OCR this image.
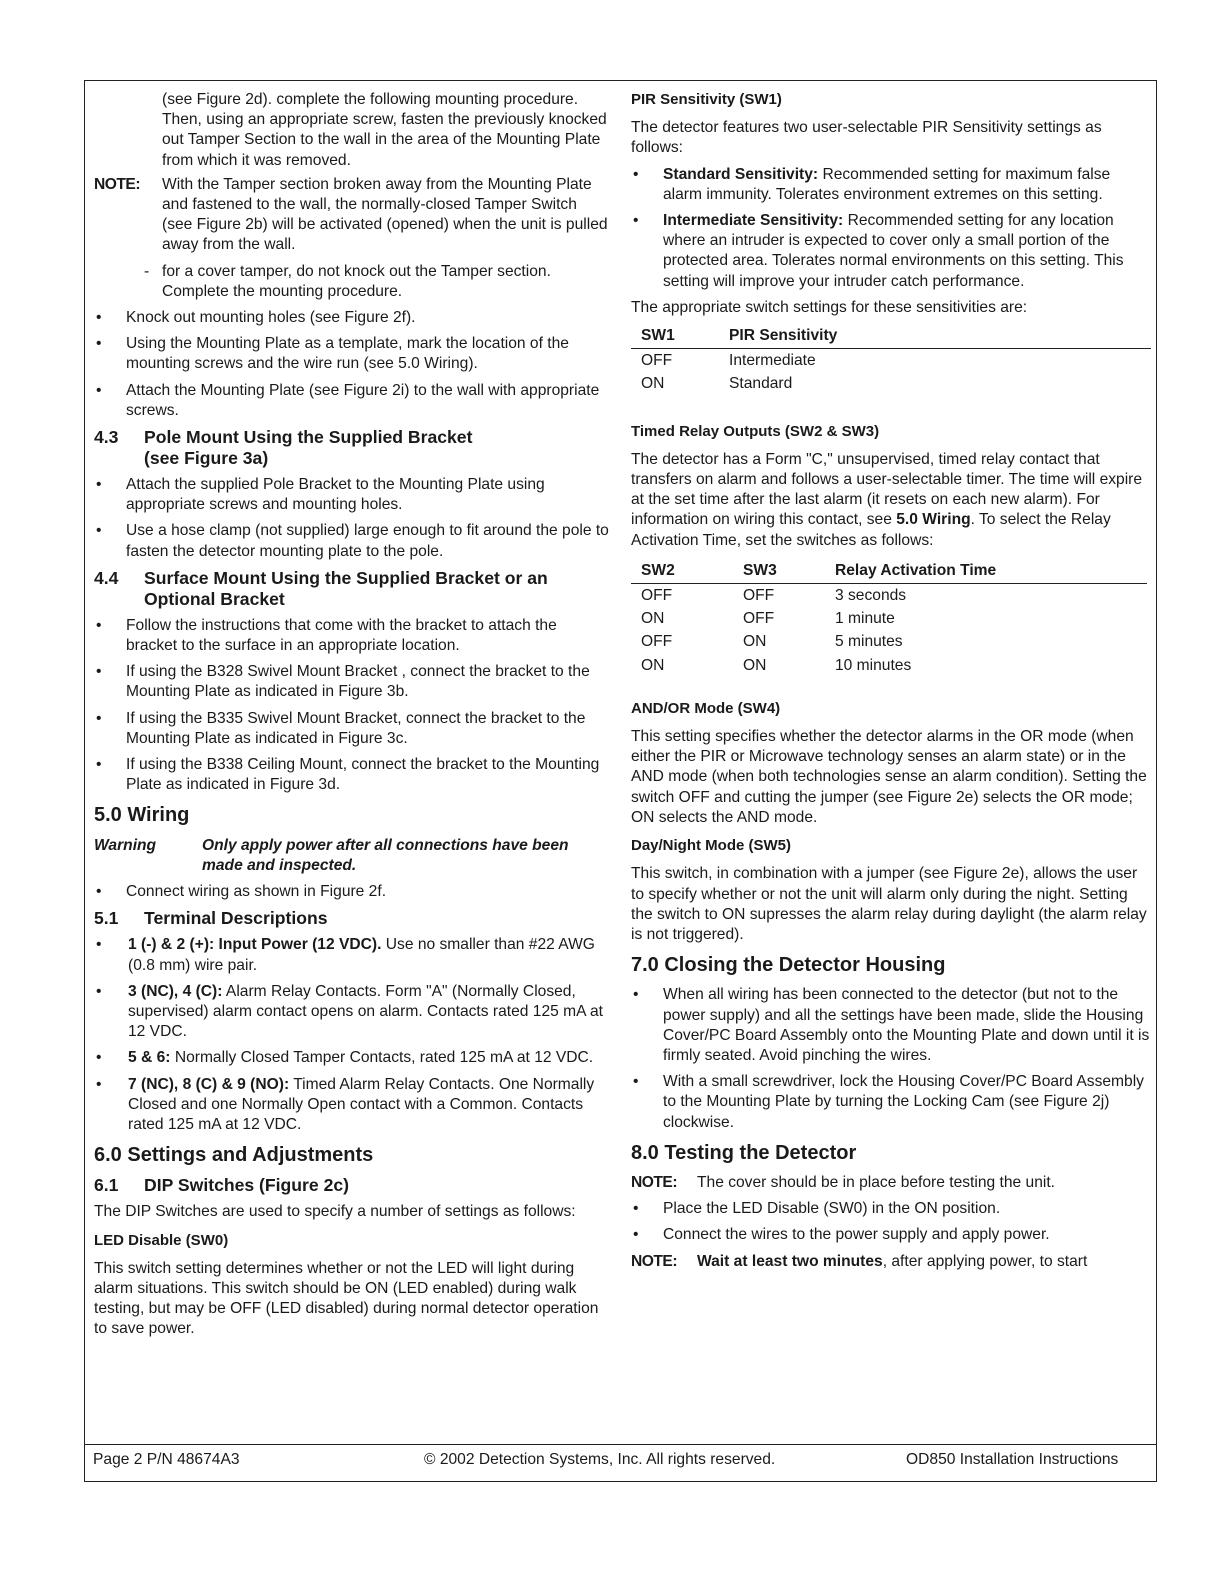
(see Figure 2d). complete the following mounting procedure. Then, using an appropriate screw, fasten the previously knocked out Tamper Section to the wall in the area of the Mounting Plate from which it was removed.

NOTE: With the Tamper section broken away from the Mounting Plate and fastened to the wall, the normally-closed Tamper Switch (see Figure 2b) will be activated (opened) when the unit is pulled away from the wall.
- for a cover tamper, do not knock out the Tamper section. Complete the mounting procedure.
• Knock out mounting holes (see Figure 2f).
• Using the Mounting Plate as a template, mark the location of the mounting screws and the wire run (see 5.0 Wiring).
• Attach the Mounting Plate (see Figure 2i) to the wall with appropriate screws.
4.3 Pole Mount Using the Supplied Bracket
(see Figure 3a)
• Attach the supplied Pole Bracket to the Mounting Plate using appropriate screws and mounting holes.
• Use a hose clamp (not supplied) large enough to fit around the pole to fasten the detector mounting plate to the pole.
4.4 Surface Mount Using the Supplied Bracket or an
Optional Bracket
• Follow the instructions that come with the bracket to attach the bracket to the surface in an appropriate location.
• If using the B328 Swivel Mount Bracket , connect the bracket to the Mounting Plate as indicated in Figure 3b.
• If using the B335 Swivel Mount Bracket, connect the bracket to the Mounting Plate as indicated in Figure 3c.
• If using the B338 Ceiling Mount, connect the bracket to the Mounting Plate as indicated in Figure 3d.
5.0 Wiring
Warning	Only apply power after all connections have been made and inspected.
• Connect wiring as shown in Figure 2f.
5.1 Terminal Descriptions
• 1 (-) & 2 (+): Input Power (12 VDC). Use no smaller than #22 AWG (0.8 mm) wire pair.
• 3 (NC), 4 (C): Alarm Relay Contacts. Form "A" (Normally Closed, supervised) alarm contact opens on alarm. Contacts rated 125 mA at 12 VDC.
• 5 & 6: Normally Closed Tamper Contacts, rated 125 mA at 12 VDC.
• 7 (NC), 8 (C) & 9 (NO): Timed Alarm Relay Contacts. One Normally Closed and one Normally Open contact with a Common. Contacts rated 125 mA at 12 VDC.
6.0 Settings and Adjustments
6.1 DIP Switches (Figure 2c)

The DIP Switches are used to specify a number of settings as follows:

LED Disable (SW0)

This switch setting determines whether or not the LED will light during alarm situations. This switch should be ON (LED enabled) during walk testing, but may be OFF (LED disabled) during normal detector operation to save power.

PIR Sensitivity (SW1)

The detector features two user-selectable PIR Sensitivity settings as follows:

• Standard Sensitivity: Recommended setting for maximum false alarm immunity. Tolerates environment extremes on this setting.
• Intermediate Sensitivity: Recommended setting for any location where an intruder is expected to cover only a small portion of the protected area. Tolerates normal environments on this setting. This setting will improve your intruder catch performance.

The appropriate switch settings for these sensitivities are:

SW1	PIR Sensitivity
OFF	Intermediate
ON	Standard
Timed Relay Outputs (SW2 & SW3)

The detector has a Form "C," unsupervised, timed relay contact that transfers on alarm and follows a user-selectable timer. The time will expire at the set time after the last alarm (it resets on each new alarm). For information on wiring this contact, see 5.0 Wiring. To select the Relay Activation Time, set the switches as follows:

SW2	SW3	Relay Activation Time
OFF	OFF	3 seconds
ON	OFF	1 minute
OFF	ON	5 minutes
ON	ON	10 minutes
AND/OR Mode (SW4)

This setting specifies whether the detector alarms in the OR mode (when either the PIR or Microwave technology senses an alarm state) or in the AND mode (when both technologies sense an alarm condition). Setting the switch OFF and cutting the jumper (see Figure 2e) selects the OR mode; ON selects the AND mode.

Day/Night Mode (SW5)

This switch, in combination with a jumper (see Figure 2e), allows the user to specify whether or not the unit will alarm only during the night. Setting the switch to ON supresses the alarm relay during daylight (the alarm relay is not triggered).

7.0 Closing the Detector Housing
• When all wiring has been connected to the detector (but not to the power supply) and all the settings have been made, slide the Housing Cover/PC Board Assembly onto the Mounting Plate and down until it is firmly seated. Avoid pinching the wires.
• With a small screwdriver, lock the Housing Cover/PC Board Assembly to the Mounting Plate by turning the Locking Cam (see Figure 2j) clockwise.
8.0 Testing the Detector
NOTE: The cover should be in place before testing the unit.
• Place the LED Disable (SW0) in the ON position.
• Connect the wires to the power supply and apply power.
NOTE: Wait at least two minutes, after applying power, to start
Page 2 P/N 48674A3	© 2002 Detection Systems, Inc. All rights reserved.	OD850 Installation Instructions
